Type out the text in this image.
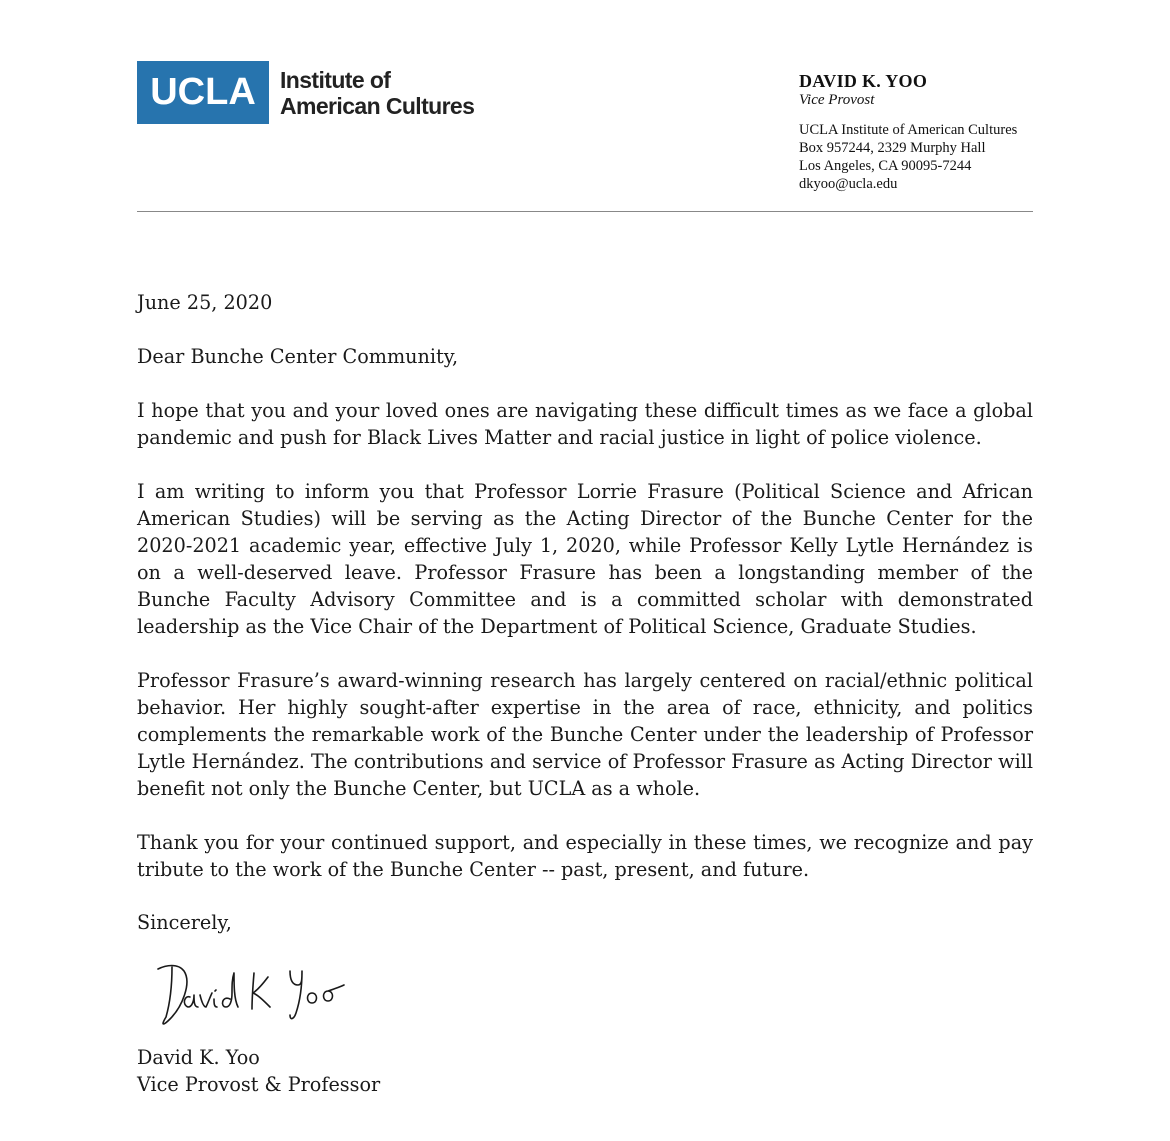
UCLA	Institute of
American Cultures
DAVID K. YOO
Vice Provost
UCLA Institute of American Cultures
Box 957244, 2329 Murphy Hall
Los Angeles, CA 90095-7244
dkyoo@ucla.edu

June 25, 2020

Dear Bunche Center Community,

I hope that you and your loved ones are navigating these difficult times as we face a global pandemic and push for Black Lives Matter and racial justice in light of police violence.

I am writing to inform you that Professor Lorrie Frasure (Political Science and African American Studies) will be serving as the Acting Director of the Bunche Center for the 2020-2021 academic year, effective July 1, 2020, while Professor Kelly Lytle Hernández is on a well-deserved leave. Professor Frasure has been a longstanding member of the Bunche Faculty Advisory Committee and is a committed scholar with demonstrated leadership as the Vice Chair of the Department of Political Science, Graduate Studies.

Professor Frasure’s award-winning research has largely centered on racial/ethnic political behavior. Her highly sought-after expertise in the area of race, ethnicity, and politics complements the remarkable work of the Bunche Center under the leadership of Professor Lytle Hernández. The contributions and service of Professor Frasure as Acting Director will benefit not only the Bunche Center, but UCLA as a whole.

Thank you for your continued support, and especially in these times, we recognize and pay tribute to the work of the Bunche Center -- past, present, and future.

Sincerely,
David K. Yoo
Vice Provost & Professor
